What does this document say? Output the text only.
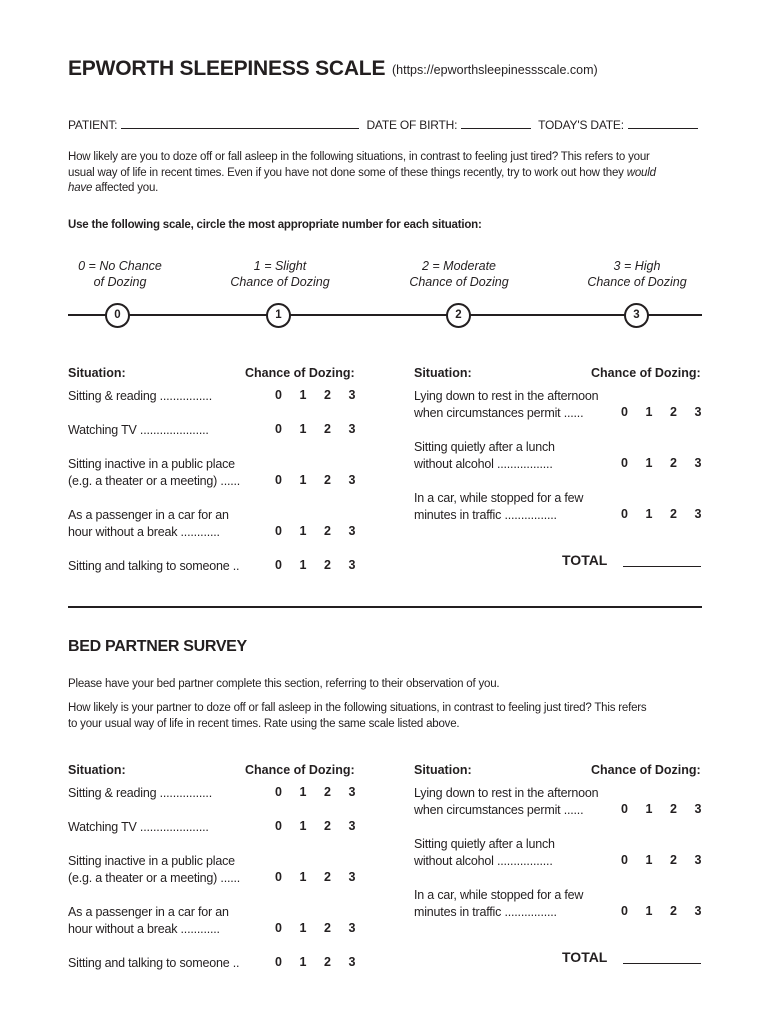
EPWORTH SLEEPINESS SCALE (https://epworthsleepinessscale.com)
PATIENT:	DATE OF BIRTH:	TODAY'S DATE:
How likely are you to doze off or fall asleep in the following situations, in contrast to feeling just tired? This refers to your
usual way of life in recent times. Even if you have not done some of these things recently, try to work out how they would
have affected you.
Use the following scale, circle the most appropriate number for each situation:
0 = No Chance
of Dozing
1 = Slight
Chance of Dozing
2 = Moderate
Chance of Dozing
3 = High
Chance of Dozing
0	1	2	3
BED PARTNER SURVEY
Please have your bed partner complete this section, referring to their observation of you.
How likely is your partner to doze off or fall asleep in the following situations, in contrast to feeling just tired? This refers
to your usual way of life in recent times. Rate using the same scale listed above.
Situation:	Chance of Dozing:	Situation:	Chance of Dozing:
Sitting & reading ................	0 1 2 3
Watching TV .....................	0 1 2 3
Sitting inactive in a public place
(e.g. a theater or a meeting) ......	0 1 2 3
As a passenger in a car for an
hour without a break ............	0 1 2 3
Sitting and talking to someone ..	0 1 2 3
Lying down to rest in the afternoon
when circumstances permit ......	0 1 2 3
Sitting quietly after a lunch
without alcohol .................	0 1 2 3
In a car, while stopped for a few
minutes in traffic ................	0 1 2 3
TOTAL
Situation:	Chance of Dozing:	Situation:	Chance of Dozing:
Sitting & reading ................	0 1 2 3
Watching TV .....................	0 1 2 3
Sitting inactive in a public place
(e.g. a theater or a meeting) ......	0 1 2 3
As a passenger in a car for an
hour without a break ............	0 1 2 3
Sitting and talking to someone ..	0 1 2 3
Lying down to rest in the afternoon
when circumstances permit ......	0 1 2 3
Sitting quietly after a lunch
without alcohol .................	0 1 2 3
In a car, while stopped for a few
minutes in traffic ................	0 1 2 3
TOTAL
